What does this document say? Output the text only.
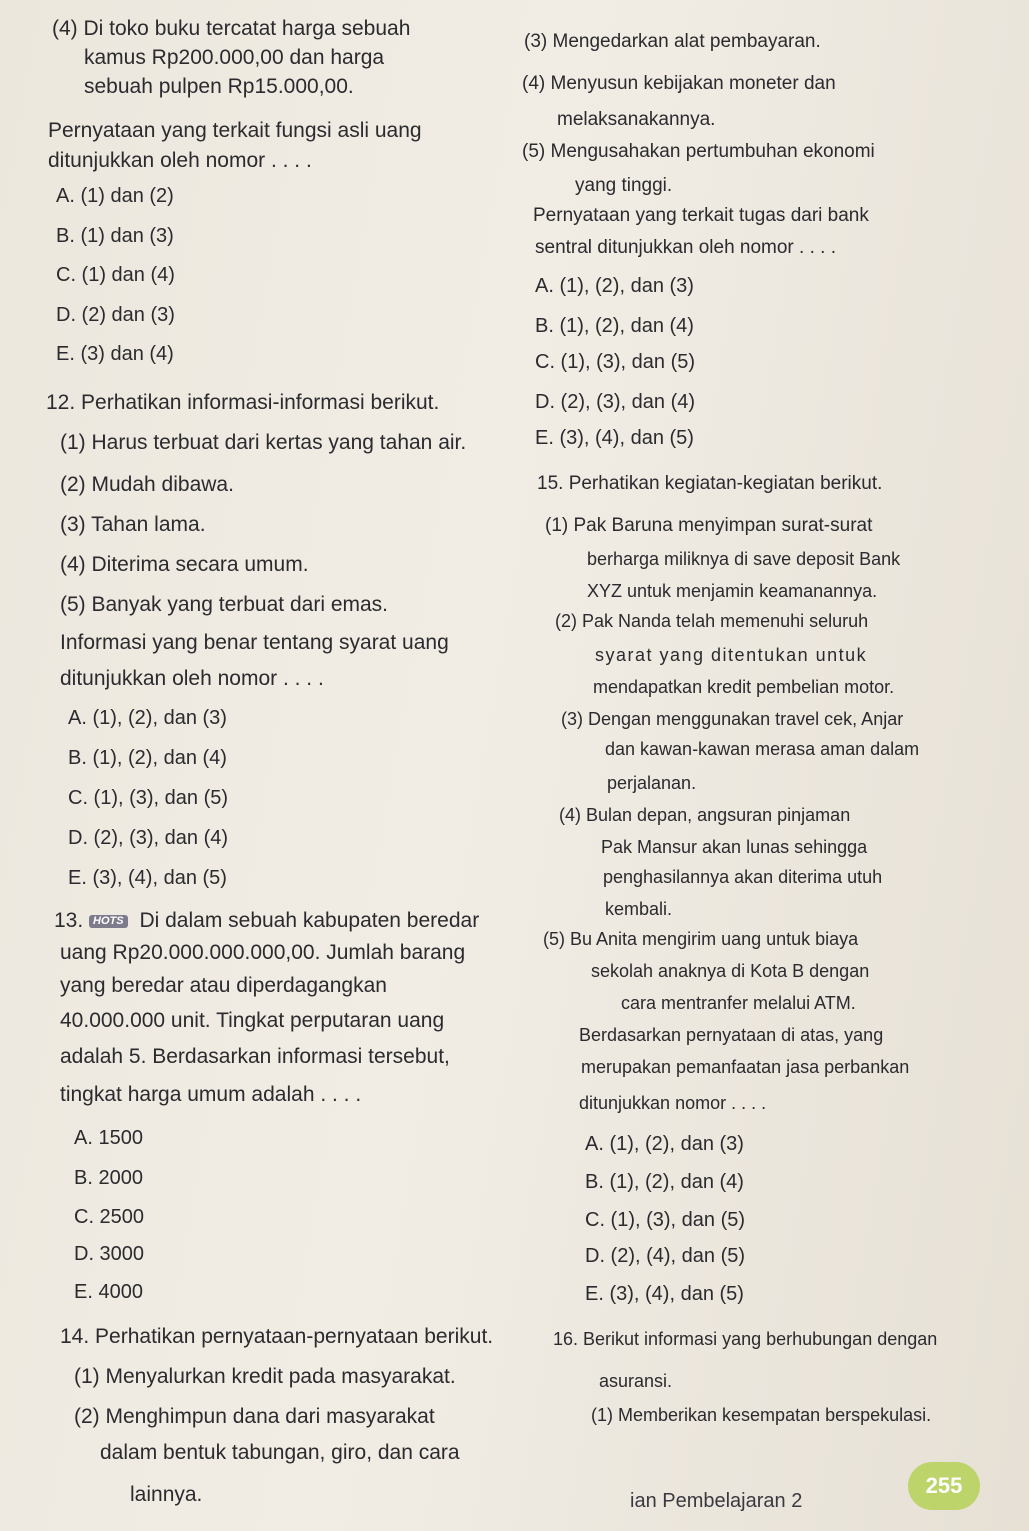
(4) Di toko buku tercatat harga sebuah
kamus Rp200.000,00 dan harga
sebuah pulpen Rp15.000,00.
Pernyataan yang terkait fungsi asli uang
ditunjukkan oleh nomor . . . .
A. (1) dan (2)
B. (1) dan (3)
C. (1) dan (4)
D. (2) dan (3)
E. (3) dan (4)
12. Perhatikan informasi-informasi berikut.
(1) Harus terbuat dari kertas yang tahan air.
(2) Mudah dibawa.
(3) Tahan lama.
(4) Diterima secara umum.
(5) Banyak yang terbuat dari emas.
Informasi yang benar tentang syarat uang
ditunjukkan oleh nomor . . . .
A. (1), (2), dan (3)
B. (1), (2), dan (4)
C. (1), (3), dan (5)
D. (2), (3), dan (4)
E. (3), (4), dan (5)
13. HOTS Di dalam sebuah kabupaten beredar
uang Rp20.000.000.000,00. Jumlah barang
yang beredar atau diperdagangkan
40.000.000 unit. Tingkat perputaran uang
adalah 5. Berdasarkan informasi tersebut,
tingkat harga umum adalah . . . .
A. 1500
B. 2000
C. 2500
D. 3000
E. 4000
14. Perhatikan pernyataan-pernyataan berikut.
(1) Menyalurkan kredit pada masyarakat.
(2) Menghimpun dana dari masyarakat
dalam bentuk tabungan, giro, dan cara
lainnya.
(3) Mengedarkan alat pembayaran.
(4) Menyusun kebijakan moneter dan
melaksanakannya.
(5) Mengusahakan pertumbuhan ekonomi
yang tinggi.
Pernyataan yang terkait tugas dari bank
sentral ditunjukkan oleh nomor . . . .
A. (1), (2), dan (3)
B. (1), (2), dan (4)
C. (1), (3), dan (5)
D. (2), (3), dan (4)
E. (3), (4), dan (5)
15. Perhatikan kegiatan-kegiatan berikut.
(1) Pak Baruna menyimpan surat-surat
berharga miliknya di save deposit Bank
XYZ untuk menjamin keamanannya.
(2) Pak Nanda telah memenuhi seluruh
syarat yang ditentukan untuk
mendapatkan kredit pembelian motor.
(3) Dengan menggunakan travel cek, Anjar
dan kawan-kawan merasa aman dalam
perjalanan.
(4) Bulan depan, angsuran pinjaman
Pak Mansur akan lunas sehingga
penghasilannya akan diterima utuh
kembali.
(5) Bu Anita mengirim uang untuk biaya
sekolah anaknya di Kota B dengan
cara mentranfer melalui ATM.
Berdasarkan pernyataan di atas, yang
merupakan pemanfaatan jasa perbankan
ditunjukkan nomor . . . .
A. (1), (2), dan (3)
B. (1), (2), dan (4)
C. (1), (3), dan (5)
D. (2), (4), dan (5)
E. (3), (4), dan (5)
16. Berikut informasi yang berhubungan dengan
asuransi.
(1) Memberikan kesempatan berspekulasi.
ian Pembelajaran 2
255
